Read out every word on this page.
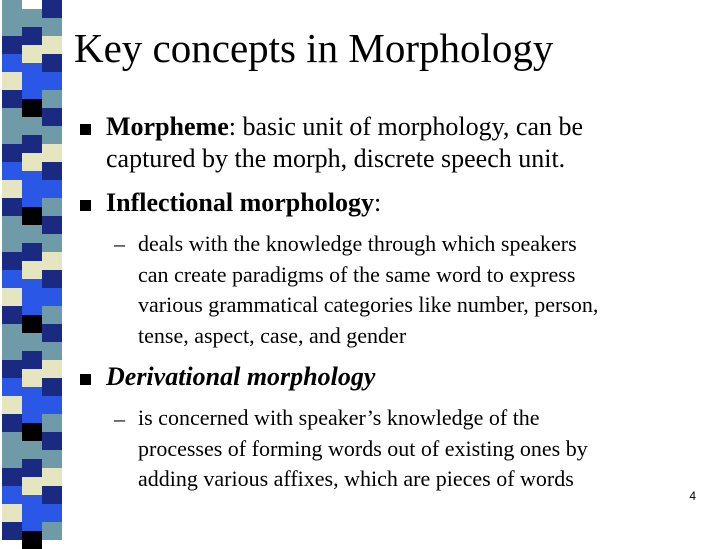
Key concepts in Morphology
Morpheme: basic unit of morphology, can be
captured by the morph, discrete speech unit.
Inflectional morphology:
– deals with the knowledge through which speakers
can create paradigms of the same word to express
various grammatical categories like number, person,
tense, aspect, case, and gender
Derivational morphology
– is concerned with speaker’s knowledge of the
processes of forming words out of existing ones by
adding various affixes, which are pieces of words
4
